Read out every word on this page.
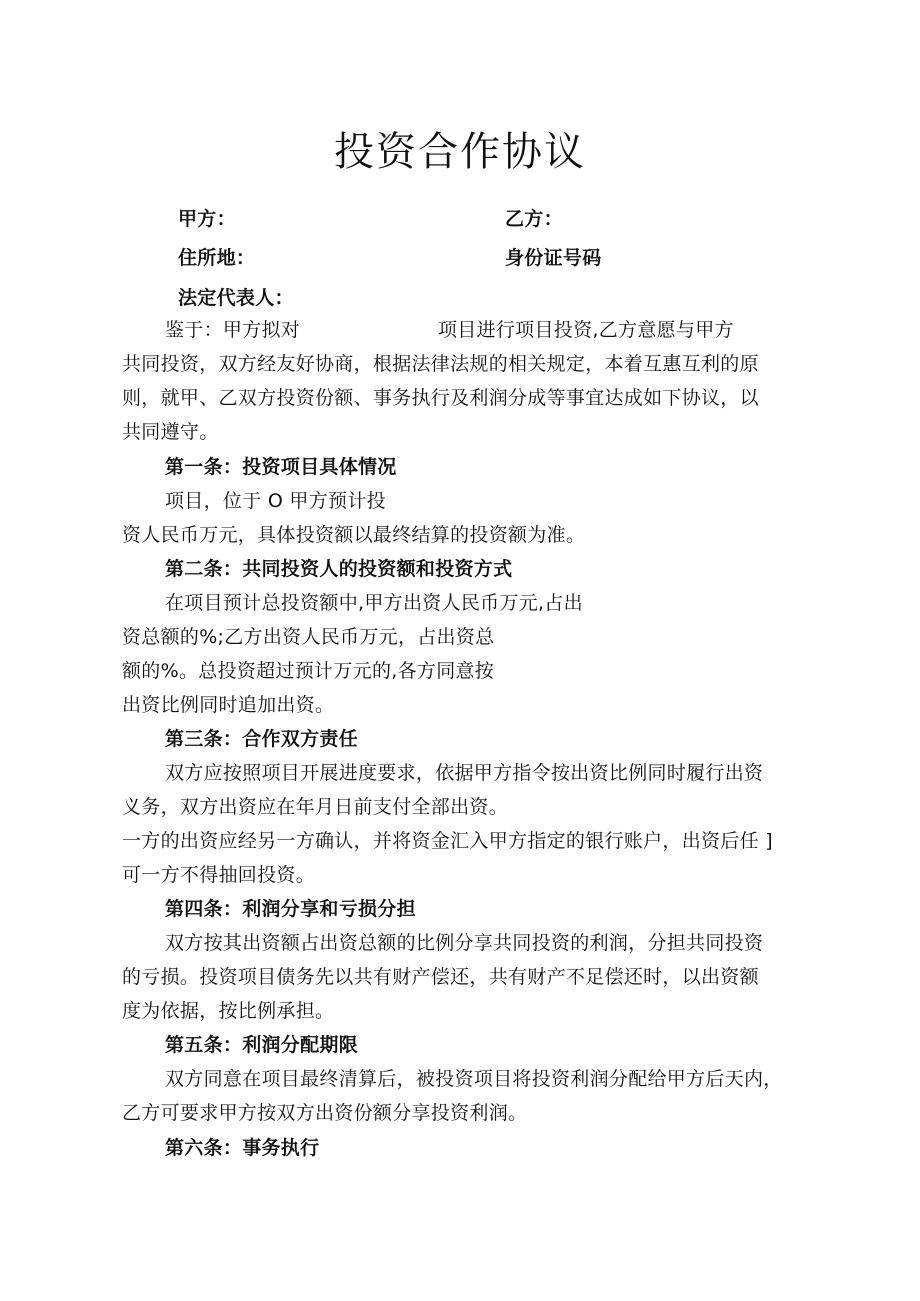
投资合作协议
甲方：	乙方：
住所地：	身份证号码
法定代表人：
鉴于：甲方拟对	项目进行项目投资,乙方意愿与甲方
共同投资，双方经友好协商，根据法律法规的相关规定，本着互惠互利的原
则，就甲、乙双方投资份额、事务执行及利润分成等事宜达成如下协议，以
共同遵守。
第一条：投资项目具体情况
项目，位于 O 甲方预计投
资人民币万元，具体投资额以最终结算的投资额为准。
第二条：共同投资人的投资额和投资方式
在项目预计总投资额中,甲方出资人民币万元,占出
资总额的%;乙方出资人民币万元，占出资总
额的%。总投资超过预计万元的,各方同意按
出资比例同时追加出资。
第三条：合作双方责任
双方应按照项目开展进度要求，依据甲方指令按出资比例同时履行出资
义务，双方出资应在年月日前支付全部出资。
一方的出资应经另一方确认，并将资金汇入甲方指定的银行账户，出资后任 ]
可一方不得抽回投资。
第四条：利润分享和亏损分担
双方按其出资额占出资总额的比例分享共同投资的利润，分担共同投资
的亏损。投资项目债务先以共有财产偿还，共有财产不足偿还时，以出资额
度为依据，按比例承担。
第五条：利润分配期限
双方同意在项目最终清算后，被投资项目将投资利润分配给甲方后天内，
乙方可要求甲方按双方出资份额分享投资利润。
第六条：事务执行
